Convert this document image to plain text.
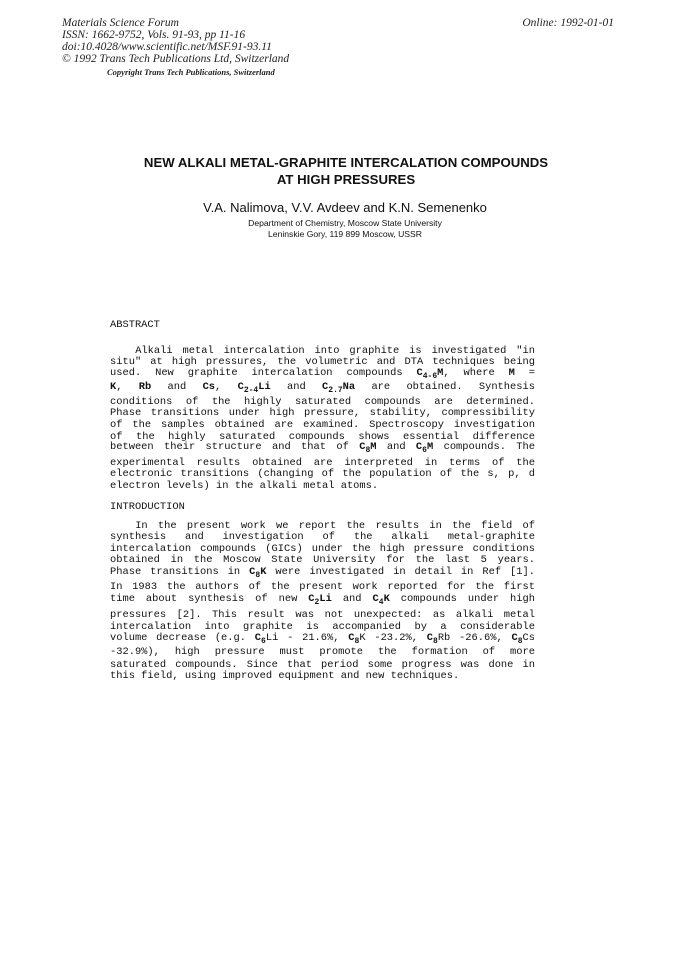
Materials Science Forum
ISSN: 1662-9752, Vols. 91-93, pp 11-16
doi:10.4028/www.scientific.net/MSF.91-93.11
© 1992 Trans Tech Publications Ltd, Switzerland
Online: 1992-01-01
Copyright Trans Tech Publications, Switzerland
NEW ALKALI METAL-GRAPHITE INTERCALATION COMPOUNDS
AT HIGH PRESSURES
V.A. Nalimova, V.V. Avdeev and K.N. Semenenko
Department of Chemistry, Moscow State University
Leninskie Gory, 119 899 Moscow, USSR
ABSTRACT
Alkali metal intercalation into graphite is investigated "in
situ" at high pressures, the volumetric and DTA techniques being
used. New graphite intercalation compounds $C_{4-6}M$, where M =
K, Rb and Cs, $C_{2-4}Li$ and $C_{2.7}Na$ are obtained. Synthesis
conditions of the highly saturated compounds are determined.
Phase transitions under high pressure, stability, compressibility
of the samples obtained are examined. Spectroscopy investigation
of the highly saturated compounds shows essential difference
between their structure and that of $C_8M$ and $C_6M$ compounds. The
experimental results obtained are interpreted in terms of the
electronic transitions (changing of the population of the s, p, d
electron levels) in the alkali metal atoms.
INTRODUCTION
In the present work we report the results in the field of
synthesis and investigation of the alkali metal-graphite
intercalation compounds (GICs) under the high pressure conditions
obtained in the Moscow State University for the last 5 years.
Phase transitions in $C_8K$ were investigated in detail in Ref [1].
In 1983 the authors of the present work reported for the first
time about synthesis of new $C_2Li$ and $C_4K$ compounds under high
pressures [2]. This result was not unexpected: as alkali metal
intercalation into graphite is accompanied by a considerable
volume decrease (e.g. $C_6Li - 21.6\%$, $C_8K$ -23.2%, $C_8Rb$ -26.6%, $C_8Cs$
-32.9%), high pressure must promote the formation of more
saturated compounds. Since that period some progress was done in
this field, using improved equipment and new techniques.
